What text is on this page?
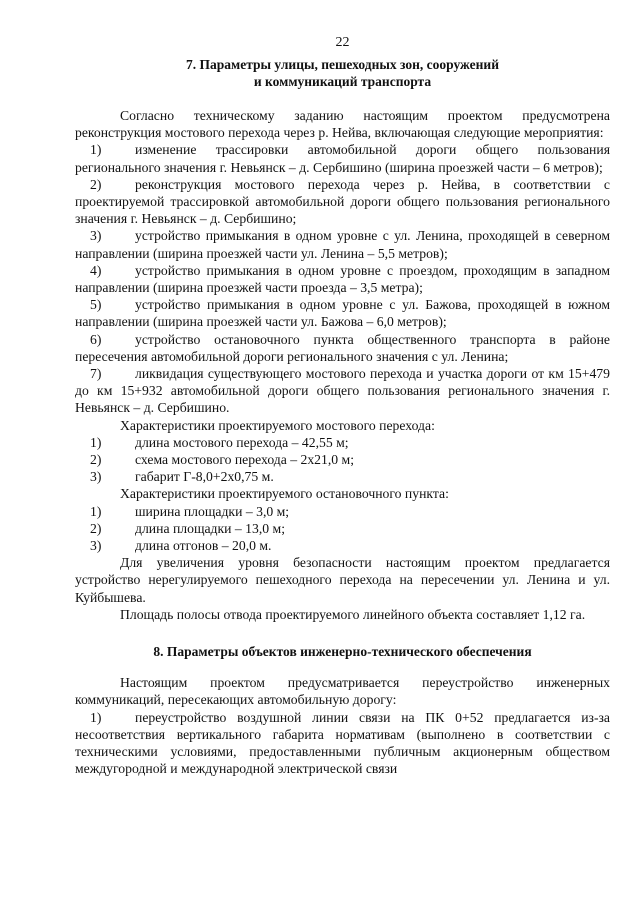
22
7. Параметры улицы, пешеходных зон, сооружений
и коммуникаций транспорта
Согласно техническому заданию настоящим проектом предусмотрена реконструкция мостового перехода через р. Нейва, включающая следующие мероприятия:
1) изменение трассировки автомобильной дороги общего пользования регионального значения г. Невьянск – д. Сербишино (ширина проезжей части – 6 метров);
2) реконструкция мостового перехода через р. Нейва, в соответствии с проектируемой трассировкой автомобильной дороги общего пользования регионального значения г. Невьянск – д. Сербишино;
3) устройство примыкания в одном уровне с ул. Ленина, проходящей в северном направлении (ширина проезжей части ул. Ленина – 5,5 метров);
4) устройство примыкания в одном уровне с проездом, проходящим в западном направлении (ширина проезжей части проезда – 3,5 метра);
5) устройство примыкания в одном уровне с ул. Бажова, проходящей в южном направлении (ширина проезжей части ул. Бажова – 6,0 метров);
6) устройство остановочного пункта общественного транспорта в районе пересечения автомобильной дороги регионального значения с ул. Ленина;
7) ликвидация существующего мостового перехода и участка дороги от км 15+479 до км 15+932 автомобильной дороги общего пользования регионального значения г. Невьянск – д. Сербишино.
Характеристики проектируемого мостового перехода:
1) длина мостового перехода – 42,55 м;
2) схема мостового перехода – 2х21,0 м;
3) габарит Г-8,0+2х0,75 м.
Характеристики проектируемого остановочного пункта:
1) ширина площадки – 3,0 м;
2) длина площадки – 13,0 м;
3) длина отгонов – 20,0 м.
Для увеличения уровня безопасности настоящим проектом предлагается устройство нерегулируемого пешеходного перехода на пересечении ул. Ленина и ул. Куйбышева.
Площадь полосы отвода проектируемого линейного объекта составляет 1,12 га.
8. Параметры объектов инженерно-технического обеспечения
Настоящим проектом предусматривается переустройство инженерных коммуникаций, пересекающих автомобильную дорогу:
1) переустройство воздушной линии связи на ПК 0+52 предлагается из-за несоответствия вертикального габарита нормативам (выполнено в соответствии с техническими условиями, предоставленными публичным акционерным обществом междугородной и международной электрической связи
